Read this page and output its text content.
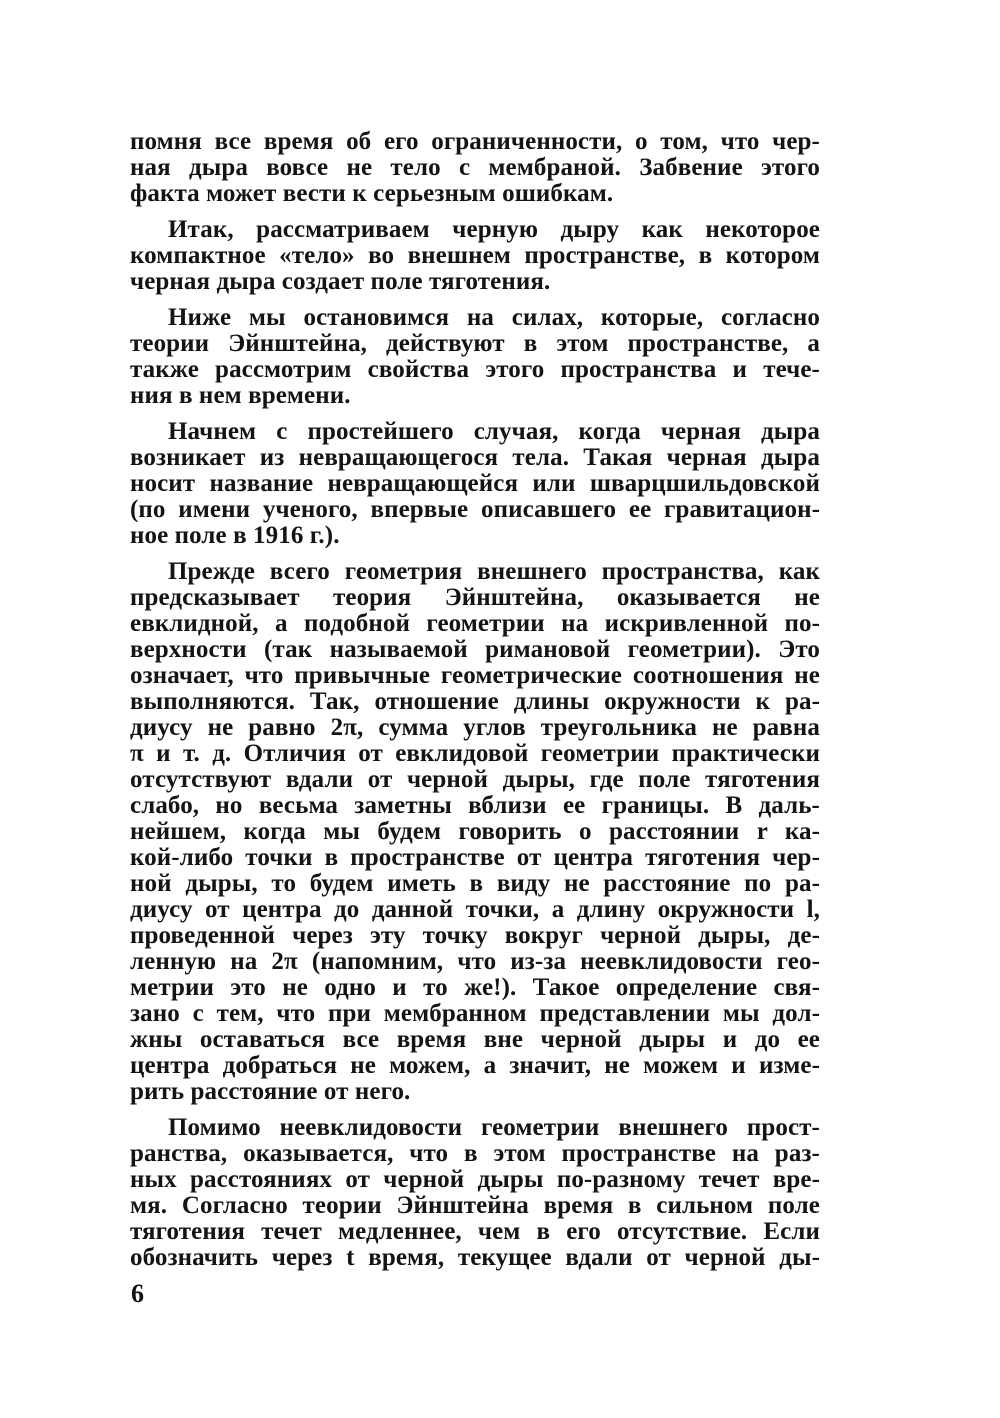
помня все время об его ограниченности, о том, что чер-
ная дыра вовсе не тело с мембраной. Забвение этого
факта может вести к серьезным ошибкам.
Итак, рассматриваем черную дыру как некоторое
компактное «тело» во внешнем пространстве, в котором
черная дыра создает поле тяготения.
Ниже мы остановимся на силах, которые, согласно
теории Эйнштейна, действуют в этом пространстве, а
также рассмотрим свойства этого пространства и тече-
ния в нем времени.
Начнем с простейшего случая, когда черная дыра
возникает из невращающегося тела. Такая черная дыра
носит название невращающейся или шварцшильдовской
(по имени ученого, впервые описавшего ее гравитацион-
ное поле в 1916 г.).
Прежде всего геометрия внешнего пространства, как
предсказывает теория Эйнштейна, оказывается не
евклидной, а подобной геометрии на искривленной по-
верхности (так называемой римановой геометрии). Это
означает, что привычные геометрические соотношения не
выполняются. Так, отношение длины окружности к ра-
диусу не равно 2π, сумма углов треугольника не равна
π и т. д. Отличия от евклидовой геометрии практически
отсутствуют вдали от черной дыры, где поле тяготения
слабо, но весьма заметны вблизи ее границы. В даль-
нейшем, когда мы будем говорить о расстоянии r ка-
кой-либо точки в пространстве от центра тяготения чер-
ной дыры, то будем иметь в виду не расстояние по ра-
диусу от центра до данной точки, а длину окружности l,
проведенной через эту точку вокруг черной дыры, де-
ленную на 2π (напомним, что из-за неевклидовости гео-
метрии это не одно и то же!). Такое определение свя-
зано с тем, что при мембранном представлении мы дол-
жны оставаться все время вне черной дыры и до ее
центра добраться не можем, а значит, не можем и изме-
рить расстояние от него.
Помимо неевклидовости геометрии внешнего прост-
ранства, оказывается, что в этом пространстве на раз-
ных расстояниях от черной дыры по-разному течет вре-
мя. Согласно теории Эйнштейна время в сильном поле
тяготения течет медленнее, чем в его отсутствие. Если
обозначить через t время, текущее вдали от черной ды-
6
